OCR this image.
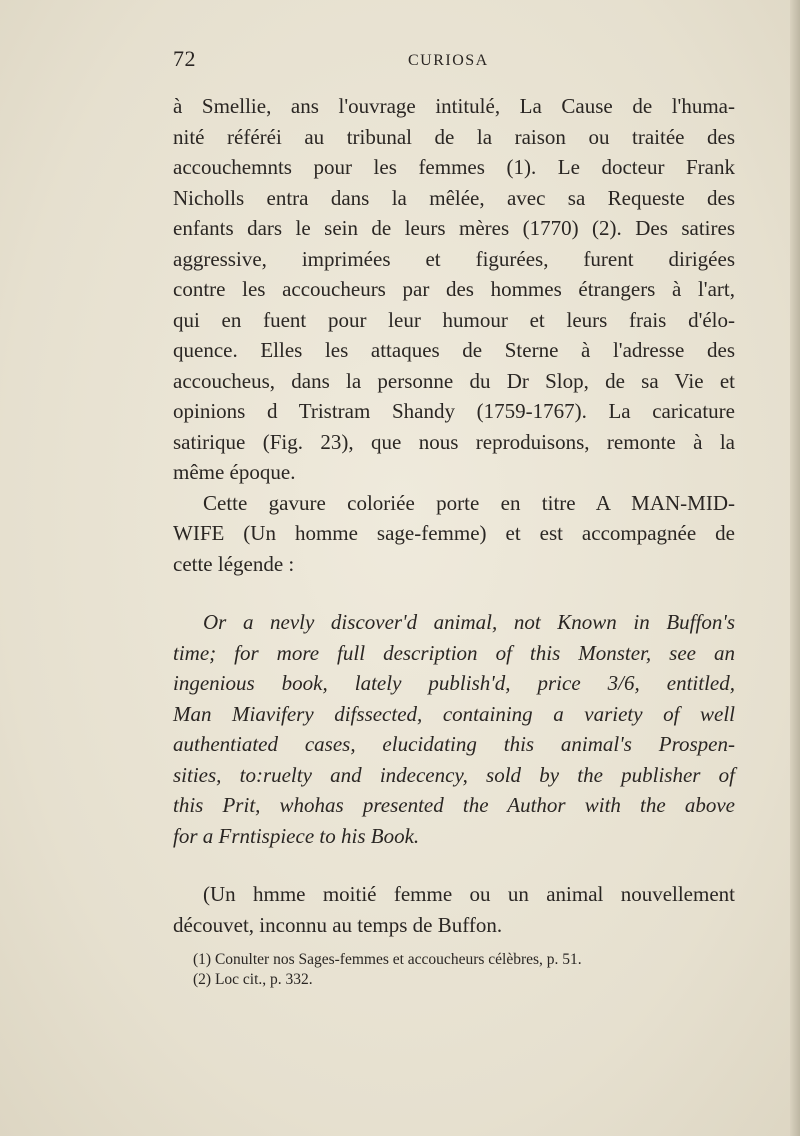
72	CURIOSA
à Smellie, ans l'ouvrage intitulé, La Cause de l'huma-
nité référéi au tribunal de la raison ou traitée des
accouchemnts pour les femmes (1). Le docteur Frank
Nicholls entra dans la mêlée, avec sa Requeste des
enfants dars le sein de leurs mères (1770) (2). Des satires
aggressive, imprimées et figurées, furent dirigées
contre les accoucheurs par des hommes étrangers à l'art,
qui en fuent pour leur humour et leurs frais d'élo-
quence. Elles les attaques de Sterne à l'adresse des
accoucheus, dans la personne du Dr Slop, de sa Vie et
opinions d Tristram Shandy (1759-1767). La caricature
satirique (Fig. 23), que nous reproduisons, remonte à la
même époque.
Cette gavure coloriée porte en titre A MAN-MID-
WIFE (Un homme sage-femme) et est accompagnée de
cette légende :
Or a nevly discover'd animal, not Known in Buffon's
time; for more full description of this Monster, see an
ingenious book, lately publish'd, price 3/6, entitled,
Man Miavifery difssected, containing a variety of well
authentiated cases, elucidating this animal's Prospen-
sities, to:ruelty and indecency, sold by the publisher of
this Prit, whohas presented the Author with the above
for a Frntispiece to his Book.
(Un hmme moitié femme ou un animal nouvellement
découvet, inconnu au temps de Buffon.
(1) Conulter nos Sages-femmes et accoucheurs célèbres, p. 51.
(2) Loc cit., p. 332.
